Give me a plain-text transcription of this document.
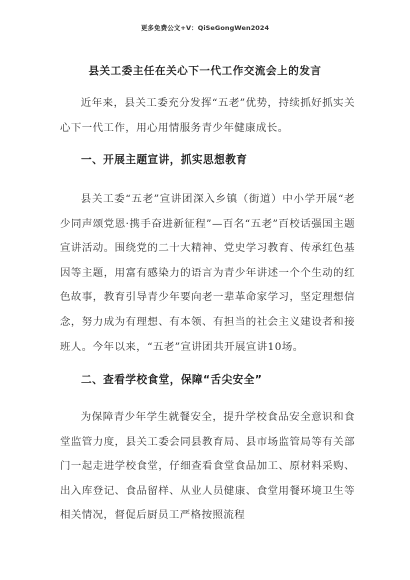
更多免费公文+V：QiSeGongWen2024
县关工委主任在关心下一代工作交流会上的发言

近年来，县关工委充分发挥“五老”优势，持续抓好抓实关心下一代工作，用心用情服务青少年健康成长。

一、开展主题宣讲，抓实思想教育

县关工委“五老”宣讲团深入乡镇（街道）中小学开展“老少同声颂党恩·携手奋进新征程”—百名“五老”百校话强国主题宣讲活动。围绕党的二十大精神、党史学习教育、传承红色基因等主题，用富有感染力的语言为青少年讲述一个个生动的红色故事，教育引导青少年要向老一辈革命家学习，坚定理想信念，努力成为有理想、有本领、有担当的社会主义建设者和接班人。今年以来，“五老”宣讲团共开展宣讲10场。

二、查看学校食堂，保障“舌尖安全”

为保障青少年学生就餐安全，提升学校食品安全意识和食堂监管力度，县关工委会同县教育局、县市场监管局等有关部门一起走进学校食堂，仔细查看食堂食品加工、原材料采购、出入库登记、食品留样、从业人员健康、食堂用餐环境卫生等相关情况，督促后厨员工严格按照流程
